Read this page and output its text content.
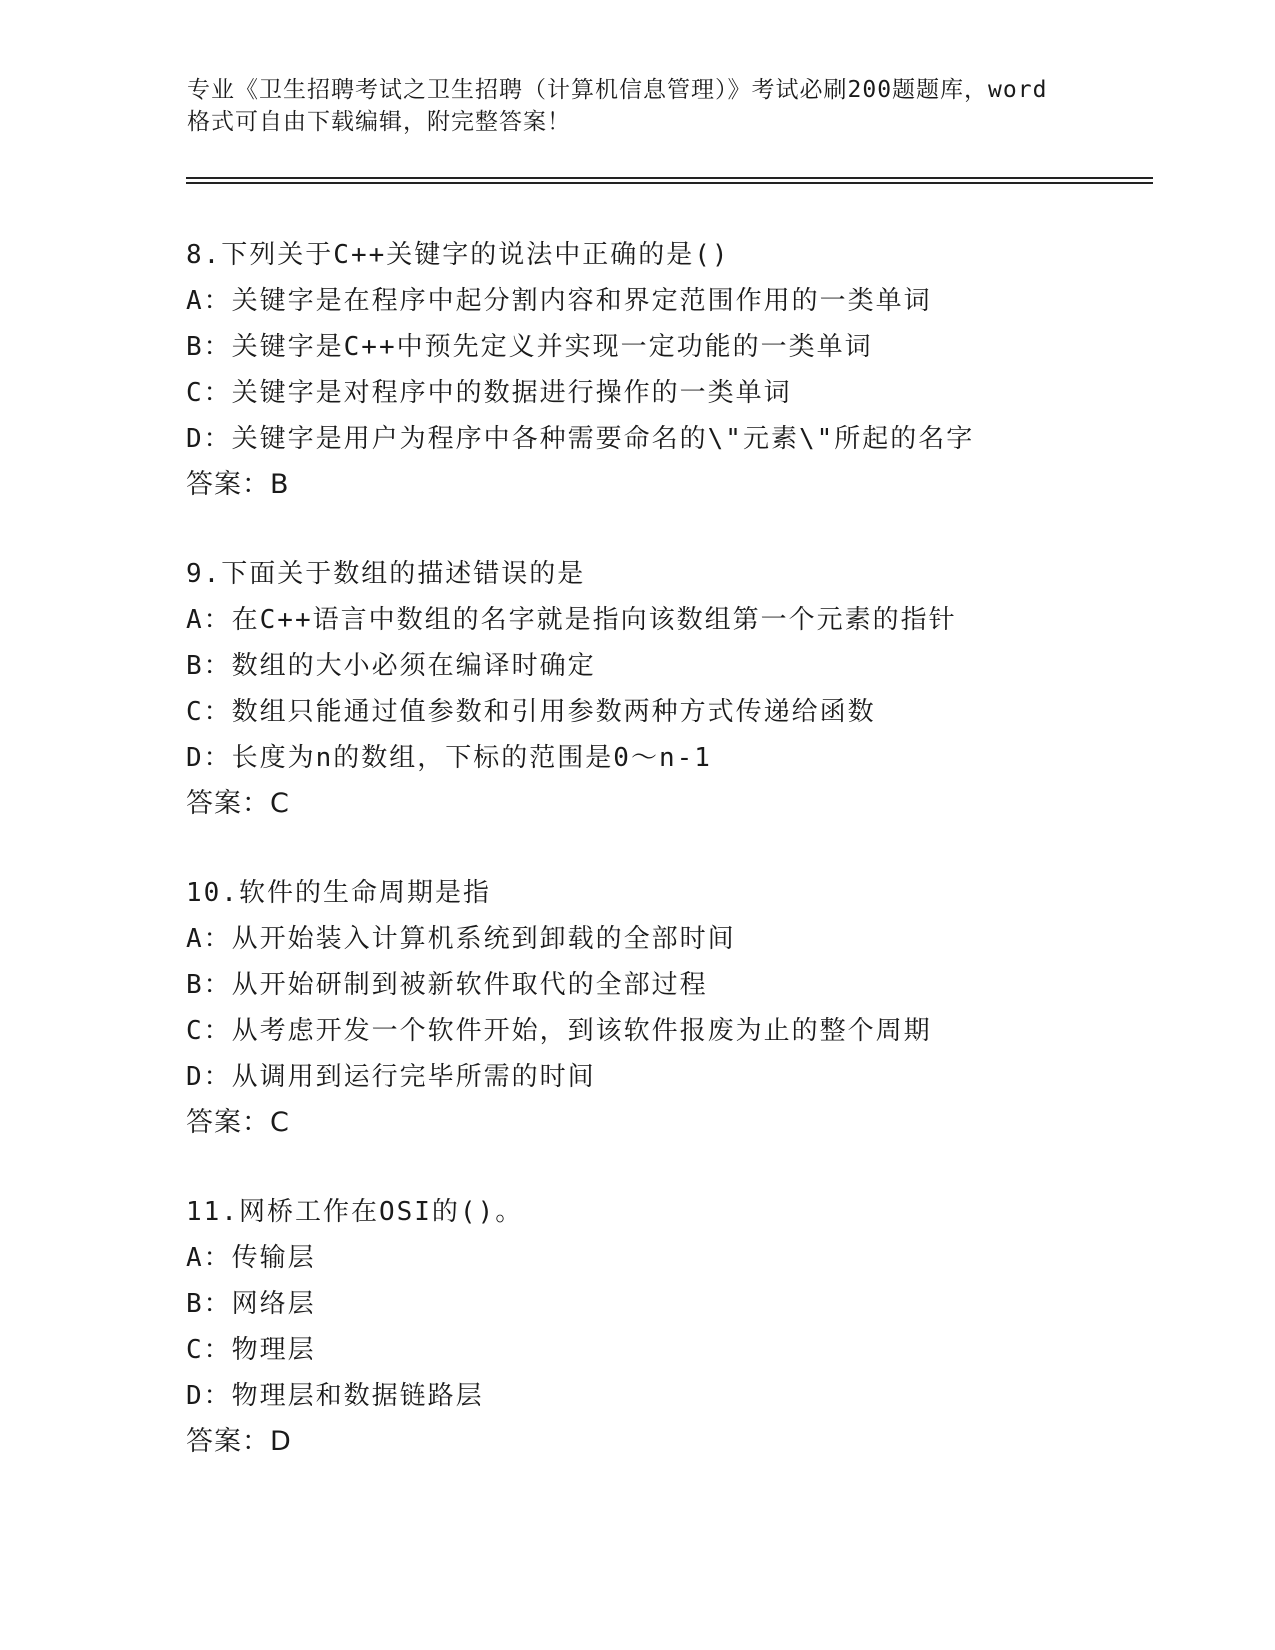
专业《卫生招聘考试之卫生招聘（计算机信息管理）》考试必刷200题题库，word
格式可自由下载编辑，附完整答案！
8.下列关于C++关键字的说法中正确的是()
A：关键字是在程序中起分割内容和界定范围作用的一类单词
B：关键字是C++中预先定义并实现一定功能的一类单词
C：关键字是对程序中的数据进行操作的一类单词
D：关键字是用户为程序中各种需要命名的\"元素\"所起的名字
答案：B
9.下面关于数组的描述错误的是
A：在C++语言中数组的名字就是指向该数组第一个元素的指针
B：数组的大小必须在编译时确定
C：数组只能通过值参数和引用参数两种方式传递给函数
D：长度为n的数组，下标的范围是0～n-1
答案：C
10.软件的生命周期是指
A：从开始装入计算机系统到卸载的全部时间
B：从开始研制到被新软件取代的全部过程
C：从考虑开发一个软件开始，到该软件报废为止的整个周期
D：从调用到运行完毕所需的时间
答案：C
11.网桥工作在OSI的()。
A：传输层
B：网络层
C：物理层
D：物理层和数据链路层
答案：D
